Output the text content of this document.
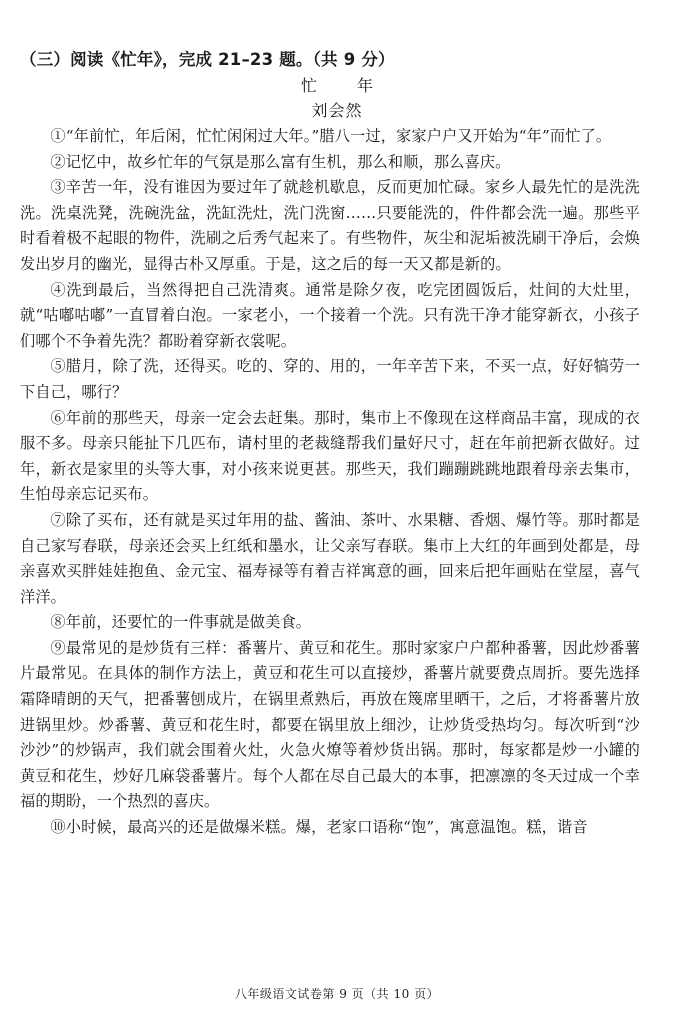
（三）阅读《忙年》，完成 21–23 题。（共 9 分）
忙年
刘会然

①“年前忙，年后闲，忙忙闲闲过大年。”腊八一过，家家户户又开始为“年”而忙了。

②记忆中，故乡忙年的气氛是那么富有生机，那么和顺，那么喜庆。

③辛苦一年，没有谁因为要过年了就趁机歇息，反而更加忙碌。家乡人最先忙的是洗洗洗。洗桌洗凳，洗碗洗盆，洗缸洗灶，洗门洗窗……只要能洗的，件件都会洗一遍。那些平时看着极不起眼的物件，洗刷之后秀气起来了。有些物件，灰尘和泥垢被洗刷干净后，会焕发出岁月的幽光，显得古朴又厚重。于是，这之后的每一天又都是新的。

④洗到最后，当然得把自己洗清爽。通常是除夕夜，吃完团圆饭后，灶间的大灶里，就“咕嘟咕嘟”一直冒着白泡。一家老小，一个接着一个洗。只有洗干净才能穿新衣，小孩子们哪个不争着先洗？都盼着穿新衣裳呢。

⑤腊月，除了洗，还得买。吃的、穿的、用的，一年辛苦下来，不买一点，好好犒劳一下自己，哪行？

⑥年前的那些天，母亲一定会去赶集。那时，集市上不像现在这样商品丰富，现成的衣服不多。母亲只能扯下几匹布，请村里的老裁缝帮我们量好尺寸，赶在年前把新衣做好。过年，新衣是家里的头等大事，对小孩来说更甚。那些天，我们蹦蹦跳跳地跟着母亲去集市，生怕母亲忘记买布。

⑦除了买布，还有就是买过年用的盐、酱油、茶叶、水果糖、香烟、爆竹等。那时都是自己家写春联，母亲还会买上红纸和墨水，让父亲写春联。集市上大红的年画到处都是，母亲喜欢买胖娃娃抱鱼、金元宝、福寿禄等有着吉祥寓意的画，回来后把年画贴在堂屋，喜气洋洋。

⑧年前，还要忙的一件事就是做美食。

⑨最常见的是炒货有三样：番薯片、黄豆和花生。那时家家户户都种番薯，因此炒番薯片最常见。在具体的制作方法上，黄豆和花生可以直接炒，番薯片就要费点周折。要先选择霜降晴朗的天气，把番薯刨成片，在锅里煮熟后，再放在篾席里晒干，之后，才将番薯片放进锅里炒。炒番薯、黄豆和花生时，都要在锅里放上细沙，让炒货受热均匀。每次听到“沙沙沙”的炒锅声，我们就会围着火灶，火急火燎等着炒货出锅。那时，每家都是炒一小罐的黄豆和花生，炒好几麻袋番薯片。每个人都在尽自己最大的本事，把凛凛的冬天过成一个幸福的期盼，一个热烈的喜庆。

⑩小时候，最高兴的还是做爆米糕。爆，老家口语称“饱”，寓意温饱。糕，谐音

八年级语文试卷第 9 页（共 10 页）
